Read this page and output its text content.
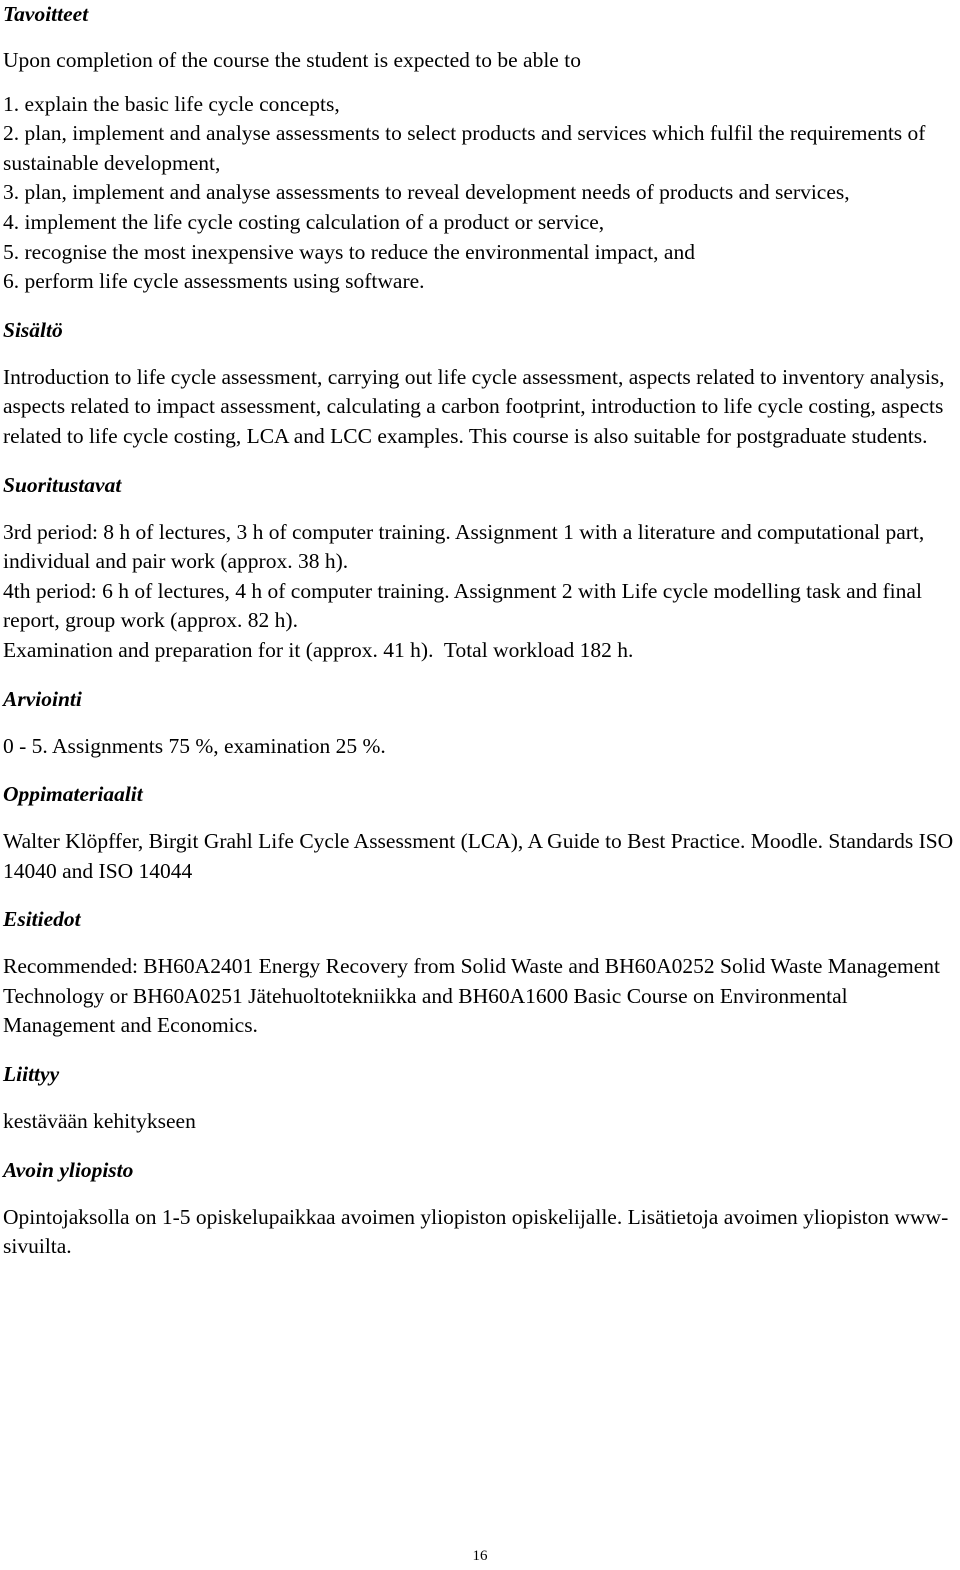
Tavoitteet

Upon completion of the course the student is expected to be able to

1. explain the basic life cycle concepts,
2. plan, implement and analyse assessments to select products and services which fulfil the requirements of sustainable development,
3. plan, implement and analyse assessments to reveal development needs of products and services,
4. implement the life cycle costing calculation of a product or service,
5. recognise the most inexpensive ways to reduce the environmental impact, and
6. perform life cycle assessments using software.
Sisältö

Introduction to life cycle assessment, carrying out life cycle assessment, aspects related to inventory analysis, aspects related to impact assessment, calculating a carbon footprint, introduction to life cycle costing, aspects related to life cycle costing, LCA and LCC examples. This course is also suitable for postgraduate students.

Suoritustavat

3rd period: 8 h of lectures, 3 h of computer training. Assignment 1 with a literature and computational part, individual and pair work (approx. 38 h).

4th period: 6 h of lectures, 4 h of computer training. Assignment 2 with Life cycle modelling task and final report, group work (approx. 82 h).

Examination and preparation for it (approx. 41 h).  Total workload 182 h.

Arviointi

0 - 5. Assignments 75 %, examination 25 %.

Oppimateriaalit

Walter Klöpffer, Birgit Grahl Life Cycle Assessment (LCA), A Guide to Best Practice. Moodle. Standards ISO 14040 and ISO 14044

Esitiedot

Recommended: BH60A2401 Energy Recovery from Solid Waste and BH60A0252 Solid Waste Management Technology or BH60A0251 Jätehuoltotekniikka and BH60A1600 Basic Course on Environmental Management and Economics.

Liittyy

kestävään kehitykseen

Avoin yliopisto

Opintojaksolla on 1-5 opiskelupaikkaa avoimen yliopiston opiskelijalle. Lisätietoja avoimen yliopiston www-sivuilta.

16
